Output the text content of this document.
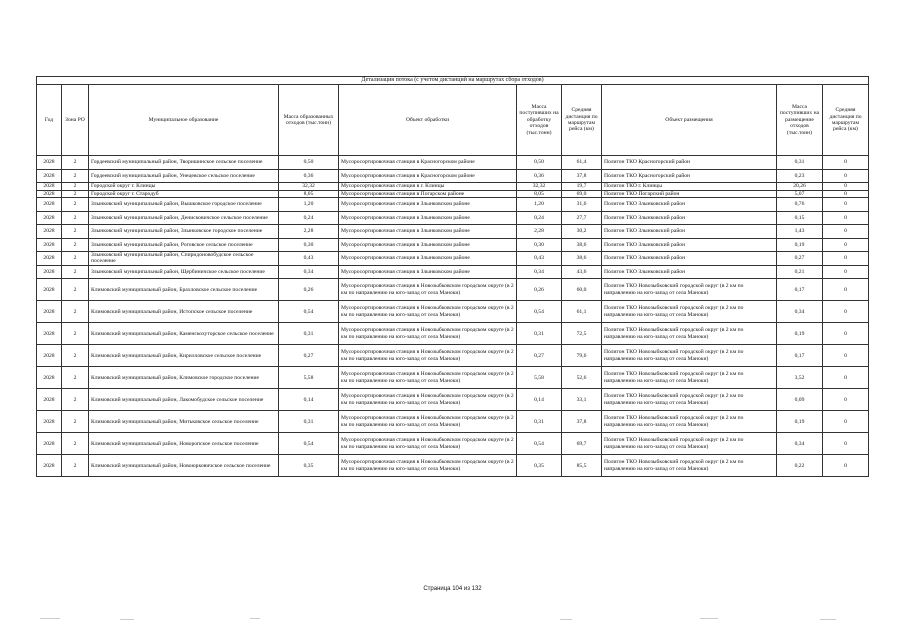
Детализация потока (с учетом дистанций на маршрутах сбора отходов)									
Год	Зона РО	Муниципальное образование	Масса образованных отходов (тыс.тонн)	Объект обработки	Масса поступивших на обработку отходов (тыс.тонн)	Средняя дистанция по маршрутам рейса (км)	Объект размещения	Масса поступивших на размещение отходов (тыс.тонн)	Средняя дистанция по маршрутам рейса (км)
2028	2	Гордеевский муниципальный район, Творишинское сельское поселение	0,50	Мусоросортировочная станция в Красногорском районе	0,50	61,4	Полигон ТКО Красногорский район	0,31	0
2028	2	Гордеевский муниципальный район, Унецевское сельское поселение	0,36	Мусоросортировочная станция в Красногорском районе	0,36	37,8	Полигон ТКО Красногорский район	0,23	0
2028	2	Городской округ г. Клинцы	32,32	Мусоросортировочная станция в г. Клинцы	32,32	19,7	Полигон ТКО г. Клинцы	20,26	0
2028	2	Городской округ г. Стародуб	8,05	Мусоросортировочная станция в Погарском районе	8,05	69,0	Полигон ТКО Погарский район	5,07	0
2028	2	Злынковский муниципальный район, Вышковское городское поселение	1,20	Мусоросортировочная станция в Злынковском районе	1,20	31,6	Полигон ТКО Злынковский район	0,76	0
2028	2	Злынковский муниципальный район, Денисковичское сельское поселение	0,24	Мусоросортировочная станция в Злынковском районе	0,24	27,7	Полигон ТКО Злынковский район	0,15	0
2028	2	Злынковский муниципальный район, Злынковское городское поселение	2,28	Мусоросортировочная станция в Злынковском районе	2,28	30,2	Полигон ТКО Злынковский район	1,43	0
2028	2	Злынковский муниципальный район, Роговское сельское поселение	0,30	Мусоросортировочная станция в Злынковском районе	0,30	38,6	Полигон ТКО Злынковский район	0,19	0
2028	2	Злынковский муниципальный район, Спиридоновобудское сельское поселение	0,43	Мусоросортировочная станция в Злынковском районе	0,43	38,6	Полигон ТКО Злынковский район	0,27	0
2028	2	Злынковский муниципальный район, Щербиничское сельское поселение	0,34	Мусоросортировочная станция в Злынковском районе	0,34	43,6	Полигон ТКО Злынковский район	0,21	0
2028	2	Климовский муниципальный район, Брахловское сельское поселение	0,26	Мусоросортировочная станция в Новозыбковском городском округе (в 2 км по направлению на юго-запад от села Маноки)	0,26	60,0	Полигон ТКО Новозыбковский городской округ (в 2 км по направлению на юго-запад от села Маноки)	0,17	0
2028	2	Климовский муниципальный район, Истопское сельское поселение	0,54	Мусоросортировочная станция в Новозыбковском городском округе (в 2 км по направлению на юго-запад от села Маноки)	0,54	61,1	Полигон ТКО Новозыбковский городской округ (в 2 км по направлению на юго-запад от села Маноки)	0,34	0
2028	2	Климовский муниципальный район, Каменскохуторское сельское поселение	0,31	Мусоросортировочная станция в Новозыбковском городском округе (в 2 км по направлению на юго-запад от села Маноки)	0,31	72,5	Полигон ТКО Новозыбковский городской округ (в 2 км по направлению на юго-запад от села Маноки)	0,19	0
2028	2	Климовский муниципальный район, Кирилловское сельское поселение	0,27	Мусоросортировочная станция в Новозыбковском городском округе (в 2 км по направлению на юго-запад от села Маноки)	0,27	79,6	Полигон ТКО Новозыбковский городской округ (в 2 км по направлению на юго-запад от села Маноки)	0,17	0
2028	2	Климовский муниципальный район, Климовское городское поселение	5,58	Мусоросортировочная станция в Новозыбковском городском округе (в 2 км по направлению на юго-запад от села Маноки)	5,58	52,6	Полигон ТКО Новозыбковский городской округ (в 2 км по направлению на юго-запад от села Маноки)	3,52	0
2028	2	Климовский муниципальный район, Лакомобудское сельское поселение	0,14	Мусоросортировочная станция в Новозыбковском городском округе (в 2 км по направлению на юго-запад от села Маноки)	0,14	33,1	Полигон ТКО Новозыбковский городской округ (в 2 км по направлению на юго-запад от села Маноки)	0,09	0
2028	2	Климовский муниципальный район, Митьковское сельское поселение	0,31	Мусоросортировочная станция в Новозыбковском городском округе (в 2 км по направлению на юго-запад от села Маноки)	0,31	37,8	Полигон ТКО Новозыбковский городской округ (в 2 км по направлению на юго-запад от села Маноки)	0,19	0
2028	2	Климовский муниципальный район, Новоропское сельское поселение	0,54	Мусоросортировочная станция в Новозыбковском городском округе (в 2 км по направлению на юго-запад от села Маноки)	0,54	69,7	Полигон ТКО Новозыбковский городской округ (в 2 км по направлению на юго-запад от села Маноки)	0,34	0
2028	2	Климовский муниципальный район, Новоюрковичское сельское поселение	0,35	Мусоросортировочная станция в Новозыбковском городском округе (в 2 км по направлению на юго-запад от села Маноки)	0,35	85,5	Полигон ТКО Новозыбковский городской округ (в 2 км по направлению на юго-запад от села Маноки)	0,22	0
Страница 104 из 132
